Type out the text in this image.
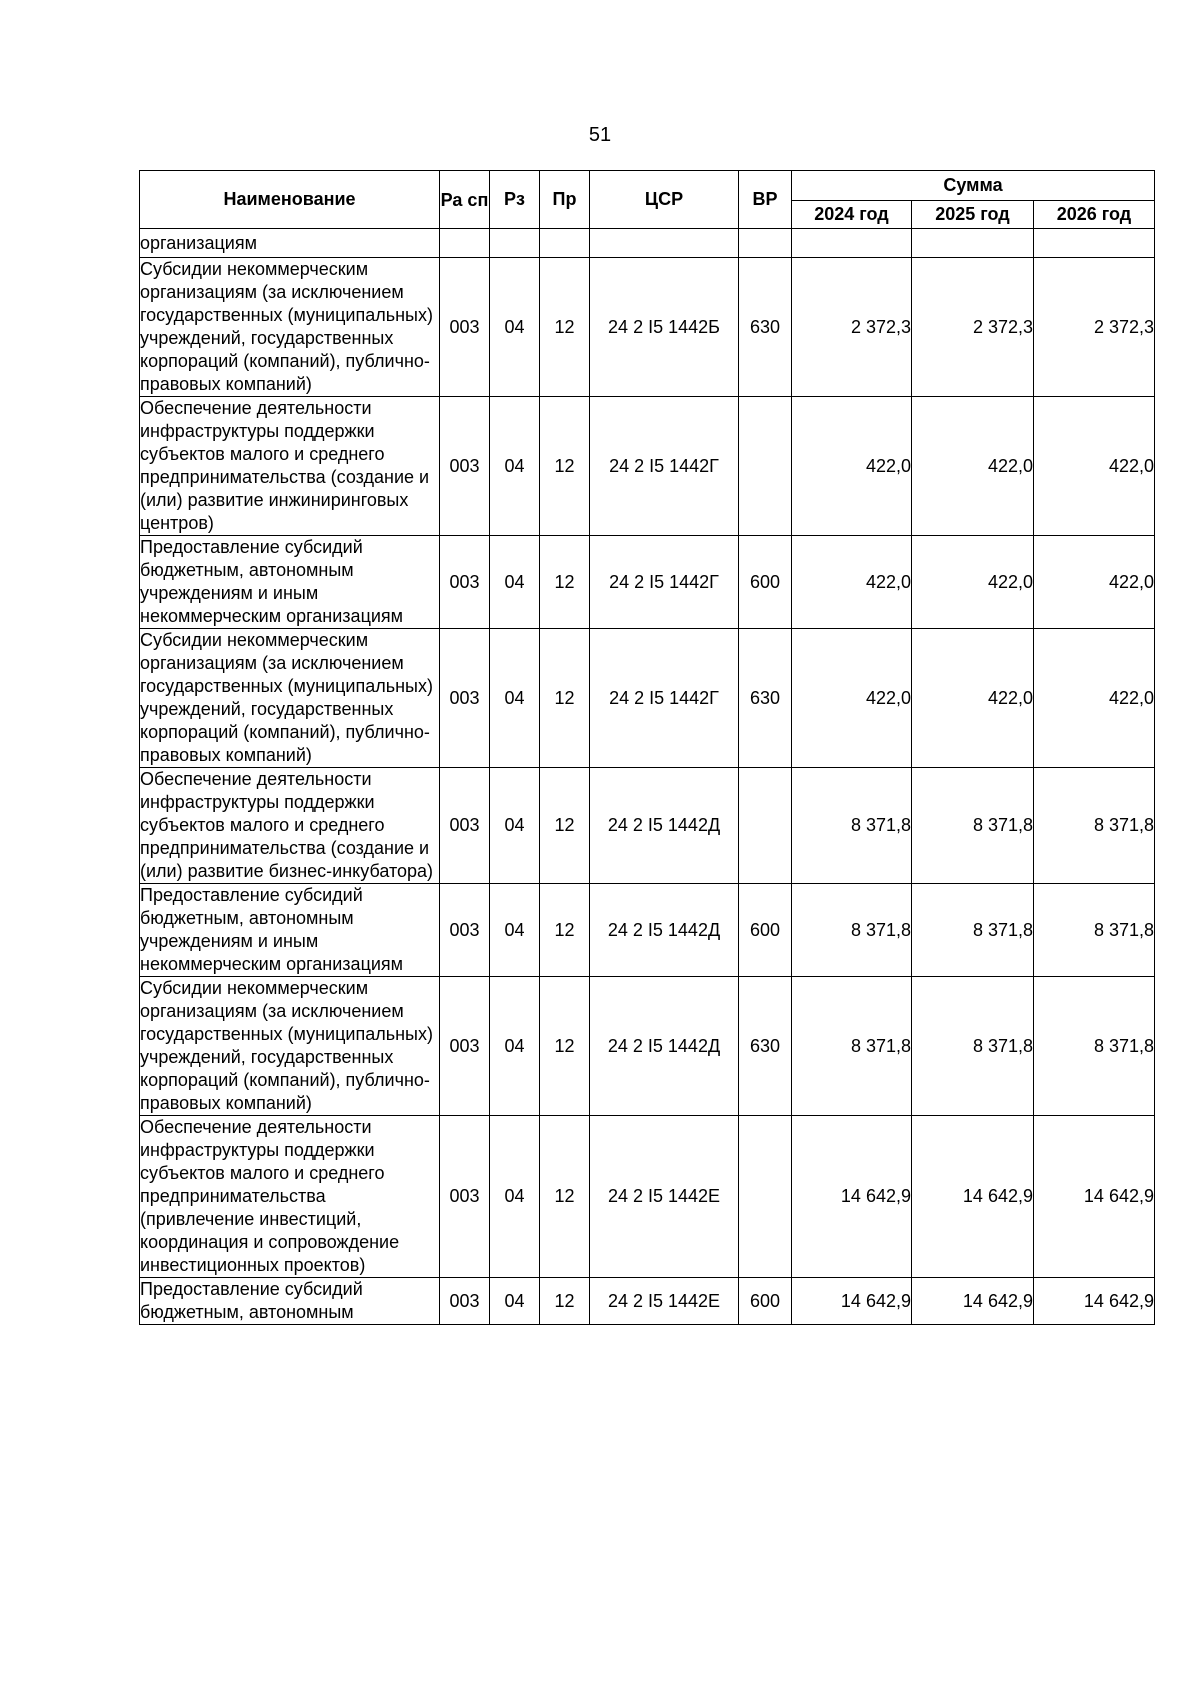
51
Наименование	Ра сп	Рз	Пр	ЦСР	ВР	Сумма		
						2024 год	2025 год	2026 год
организациям								
Субсидии некоммерческим организациям (за исключением государственных (муниципальных) учреждений, государственных корпораций (компаний), публично-правовых компаний)	003	04	12	24 2 I5 1442Б	630	2 372,3	2 372,3	2 372,3
Обеспечение деятельности инфраструктуры поддержки субъектов малого и среднего предпринимательства (создание и (или) развитие инжиниринговых центров)	003	04	12	24 2 I5 1442Г		422,0	422,0	422,0
Предоставление субсидий бюджетным, автономным учреждениям и иным некоммерческим организациям	003	04	12	24 2 I5 1442Г	600	422,0	422,0	422,0
Субсидии некоммерческим организациям (за исключением государственных (муниципальных) учреждений, государственных корпораций (компаний), публично-правовых компаний)	003	04	12	24 2 I5 1442Г	630	422,0	422,0	422,0
Обеспечение деятельности инфраструктуры поддержки субъектов малого и среднего предпринимательства (создание и (или) развитие бизнес-инкубатора)	003	04	12	24 2 I5 1442Д		8 371,8	8 371,8	8 371,8
Предоставление субсидий бюджетным, автономным учреждениям и иным некоммерческим организациям	003	04	12	24 2 I5 1442Д	600	8 371,8	8 371,8	8 371,8
Субсидии некоммерческим организациям (за исключением государственных (муниципальных) учреждений, государственных корпораций (компаний), публично-правовых компаний)	003	04	12	24 2 I5 1442Д	630	8 371,8	8 371,8	8 371,8
Обеспечение деятельности инфраструктуры поддержки субъектов малого и среднего предпринимательства (привлечение инвестиций, координация и сопровождение инвестиционных проектов)	003	04	12	24 2 I5 1442Е		14 642,9	14 642,9	14 642,9
Предоставление субсидий бюджетным, автономным	003	04	12	24 2 I5 1442Е	600	14 642,9	14 642,9	14 642,9
